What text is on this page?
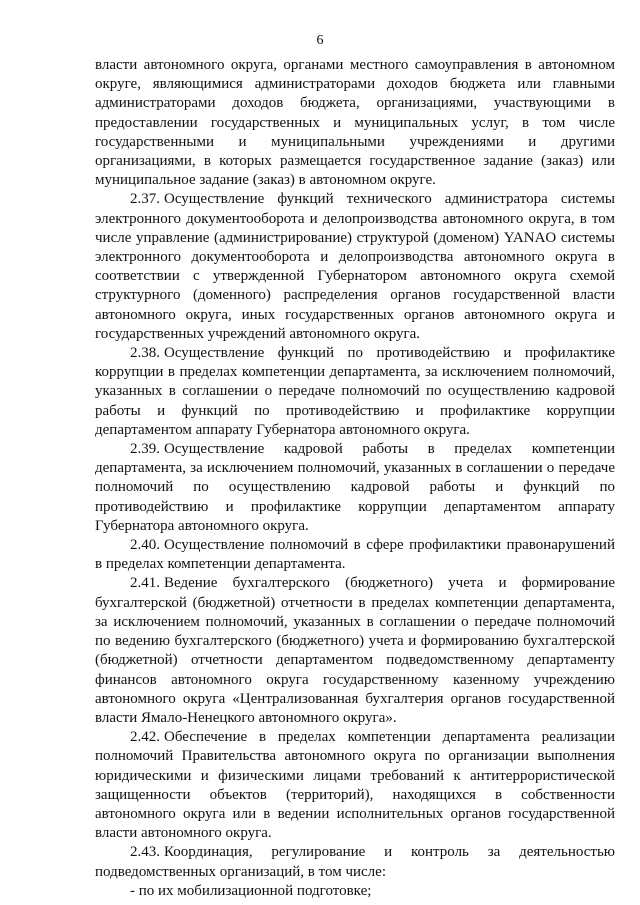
6

власти автономного округа, органами местного самоуправления в автономном округе, являющимися администраторами доходов бюджета или главными администраторами доходов бюджета, организациями, участвующими в предоставлении государственных и муниципальных услуг, в том числе государственными и муниципальными учреждениями и другими организациями, в которых размещается государственное задание (заказ) или муниципальное задание (заказ) в автономном округе.

2.37. Осуществление функций технического администратора системы электронного документооборота и делопроизводства автономного округа, в том числе управление (администрирование) структурой (доменом) YANAO системы электронного документооборота и делопроизводства автономного округа в соответствии с утвержденной Губернатором автономного округа схемой структурного (доменного) распределения органов государственной власти автономного округа, иных государственных органов автономного округа и государственных учреждений автономного округа.

2.38. Осуществление функций по противодействию и профилактике коррупции в пределах компетенции департамента, за исключением полномочий, указанных в соглашении о передаче полномочий по осуществлению кадровой работы и функций по противодействию и профилактике коррупции департаментом аппарату Губернатора автономного округа.

2.39. Осуществление кадровой работы в пределах компетенции департамента, за исключением полномочий, указанных в соглашении о передаче полномочий по осуществлению кадровой работы и функций по противодействию и профилактике коррупции департаментом аппарату Губернатора автономного округа.

2.40. Осуществление полномочий в сфере профилактики правонарушений в пределах компетенции департамента.

2.41. Ведение бухгалтерского (бюджетного) учета и формирование бухгалтерской (бюджетной) отчетности в пределах компетенции департамента, за исключением полномочий, указанных в соглашении о передаче полномочий по ведению бухгалтерского (бюджетного) учета и формированию бухгалтерской (бюджетной) отчетности департаментом подведомственному департаменту финансов автономного округа государственному казенному учреждению автономного округа «Централизованная бухгалтерия органов государственной власти Ямало-Ненецкого автономного округа».

2.42. Обеспечение в пределах компетенции департамента реализации полномочий Правительства автономного округа по организации выполнения юридическими и физическими лицами требований к антитеррористической защищенности объектов (территорий), находящихся в собственности автономного округа или в ведении исполнительных органов государственной власти автономного округа.

2.43. Координация, регулирование и контроль за деятельностью подведомственных организаций, в том числе:

- по их мобилизационной подготовке;
